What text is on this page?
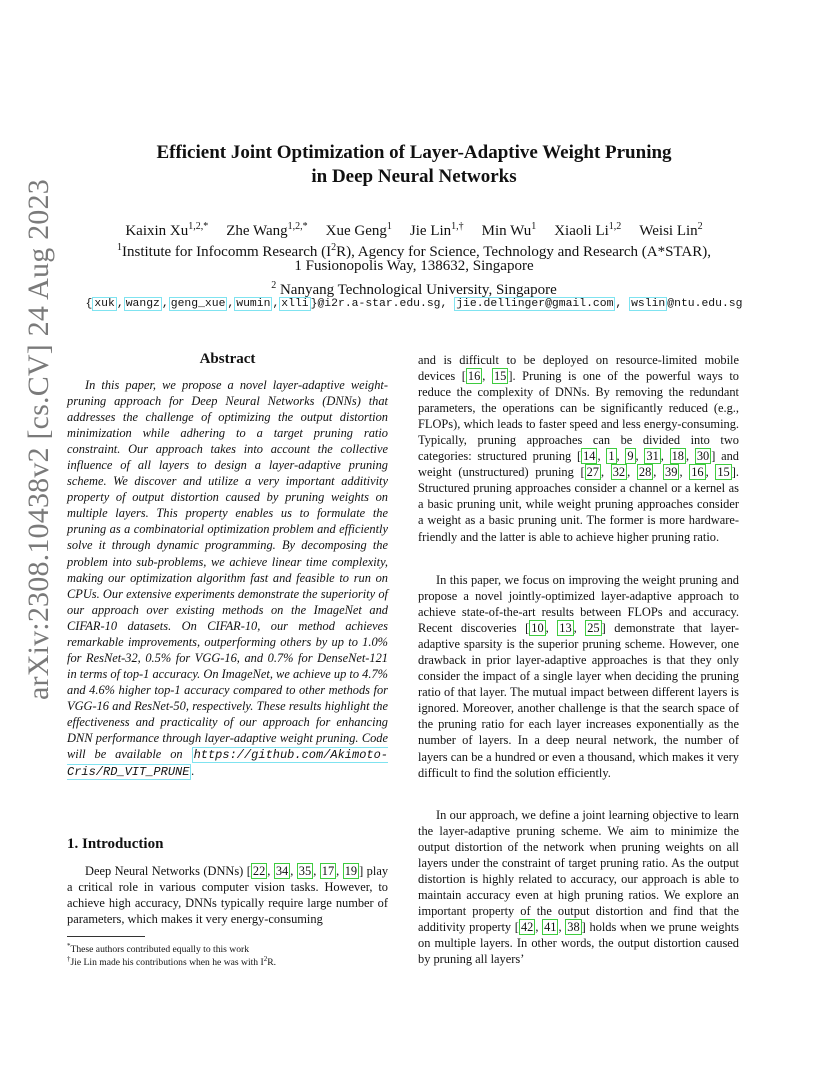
arXiv:2308.10438v2 [cs.CV] 24 Aug 2023
Efficient Joint Optimization of Layer-Adaptive Weight Pruning
in Deep Neural Networks
Kaixin $Xu^{1,2,*}$ Zhe Wang$^{1,2,*}$ Xue Geng$^1$ Jie Lin$^{1,\dagger}$ Min Wu$^1$ Xiaoli Li$^{1,2}$ Weisi Lin$^2$
$^1$Institute for Infocomm Research $(I^2R)$, Agency for Science, Technology and Research (A*STAR),
1 Fusionopolis Way, 138632, Singapore
$^2$ Nanyang Technological University, Singapore
{ xuk , wangz , geng_xue , wumin , xlli }@i2r.a-star.edu.sg, jie.dellinger@gmail.com , wslin @ntu.edu.sg
Abstract

In this paper, we propose a novel layer-adaptive weight-pruning approach for Deep Neural Networks (DNNs) that addresses the challenge of optimizing the output distortion minimization while adhering to a target pruning ratio constraint. Our approach takes into account the collective influence of all layers to design a layer-adaptive pruning scheme. We discover and utilize a very important additivity property of output distortion caused by pruning weights on multiple layers. This property enables us to formulate the pruning as a combinatorial optimization problem and efficiently solve it through dynamic programming. By decomposing the problem into sub-problems, we achieve linear time complexity, making our optimization algorithm fast and feasible to run on CPUs. Our extensive experiments demonstrate the superiority of our approach over existing methods on the ImageNet and CIFAR-10 datasets. On CIFAR-10, our method achieves remarkable improvements, outperforming others by up to 1.0% for ResNet-32, 0.5% for VGG-16, and 0.7% for DenseNet-121 in terms of top-1 accuracy. On ImageNet, we achieve up to 4.7% and 4.6% higher top-1 accuracy compared to other methods for VGG-16 and ResNet-50, respectively. These results highlight the effectiveness and practicality of our approach for enhancing DNN performance through layer-adaptive weight pruning. Code will be available on https://github.com/Akimoto-Cris/RD_VIT_PRUNE .

1. Introduction

Deep Neural Networks (DNNs) [ 22 , 34 , 35 , 17 , 19 ] play a critical role in various computer vision tasks. However, to achieve high accuracy, DNNs typically require large number of parameters, which makes it very energy-consuming

*These authors contributed equally to this work
†Jie Lin made his contributions when he was with $I^2R$.

and is difficult to be deployed on resource-limited mobile devices [ 16 , 15 ]. Pruning is one of the powerful ways to reduce the complexity of DNNs. By removing the redundant parameters, the operations can be significantly reduced (e.g., FLOPs), which leads to faster speed and less energy-consuming. Typically, pruning approaches can be divided into two categories: structured pruning [ 14 , 1 , 9 , 31 , 18 , 30 ] and weight (unstructured) pruning [ 27 , 32 , 28 , 39 , 16 , 15 ]. Structured pruning approaches consider a channel or a kernel as a basic pruning unit, while weight pruning approaches consider a weight as a basic pruning unit. The former is more hardware-friendly and the latter is able to achieve higher pruning ratio.

In this paper, we focus on improving the weight pruning and propose a novel jointly-optimized layer-adaptive approach to achieve state-of-the-art results between FLOPs and accuracy. Recent discoveries [ 10 , 13 , 25 ] demonstrate that layer-adaptive sparsity is the superior pruning scheme. However, one drawback in prior layer-adaptive approaches is that they only consider the impact of a single layer when deciding the pruning ratio of that layer. The mutual impact between different layers is ignored. Moreover, another challenge is that the search space of the pruning ratio for each layer increases exponentially as the number of layers. In a deep neural network, the number of layers can be a hundred or even a thousand, which makes it very difficult to find the solution efficiently.

In our approach, we define a joint learning objective to learn the layer-adaptive pruning scheme. We aim to minimize the output distortion of the network when pruning weights on all layers under the constraint of target pruning ratio. As the output distortion is highly related to accuracy, our approach is able to maintain accuracy even at high pruning ratios. We explore an important property of the output distortion and find that the additivity property [ 42 , 41 , 38 ] holds when we prune weights on multiple layers. In other words, the output distortion caused by pruning all layers’
